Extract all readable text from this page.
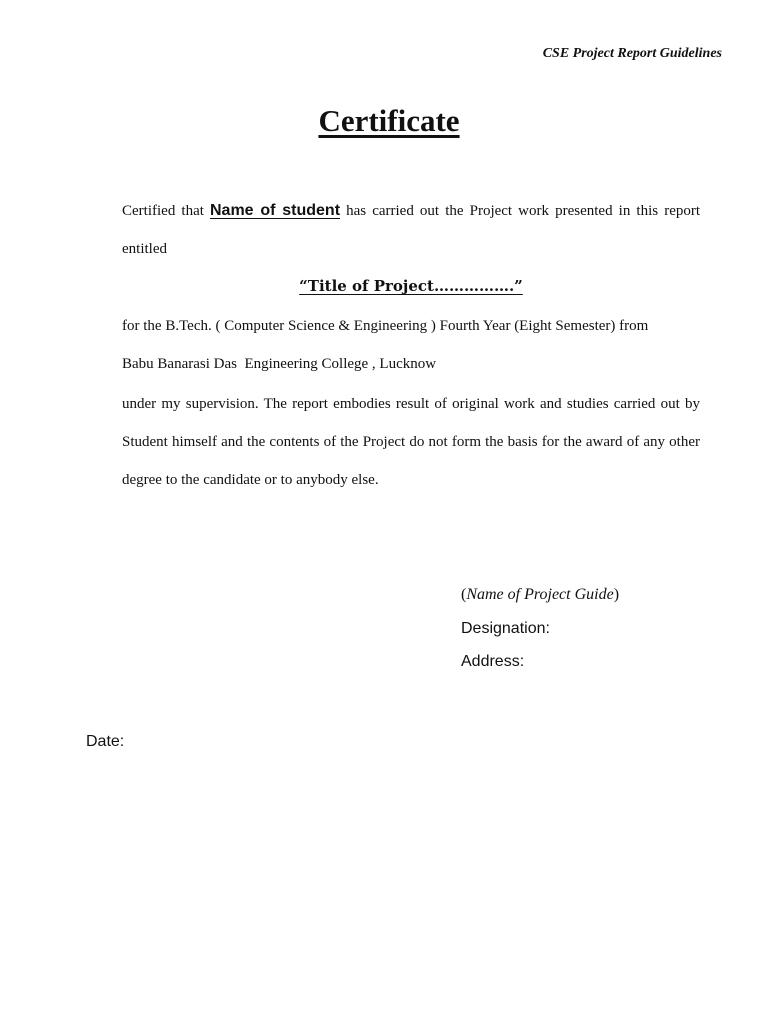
CSE Project Report Guidelines
Certificate
Certified that Name of student has carried out the Project work presented in this report entitled
“Title of Project…………….”
for the B.Tech. ( Computer Science & Engineering ) Fourth Year (Eight Semester) from
Babu Banarasi Das  Engineering College , Lucknow
under my supervision. The report embodies result of original work and studies carried out by Student himself and the contents of the Project do not form the basis for the award of any other degree to the candidate or to anybody else.
(Name of Project Guide)
Designation:
Address:
Date:
